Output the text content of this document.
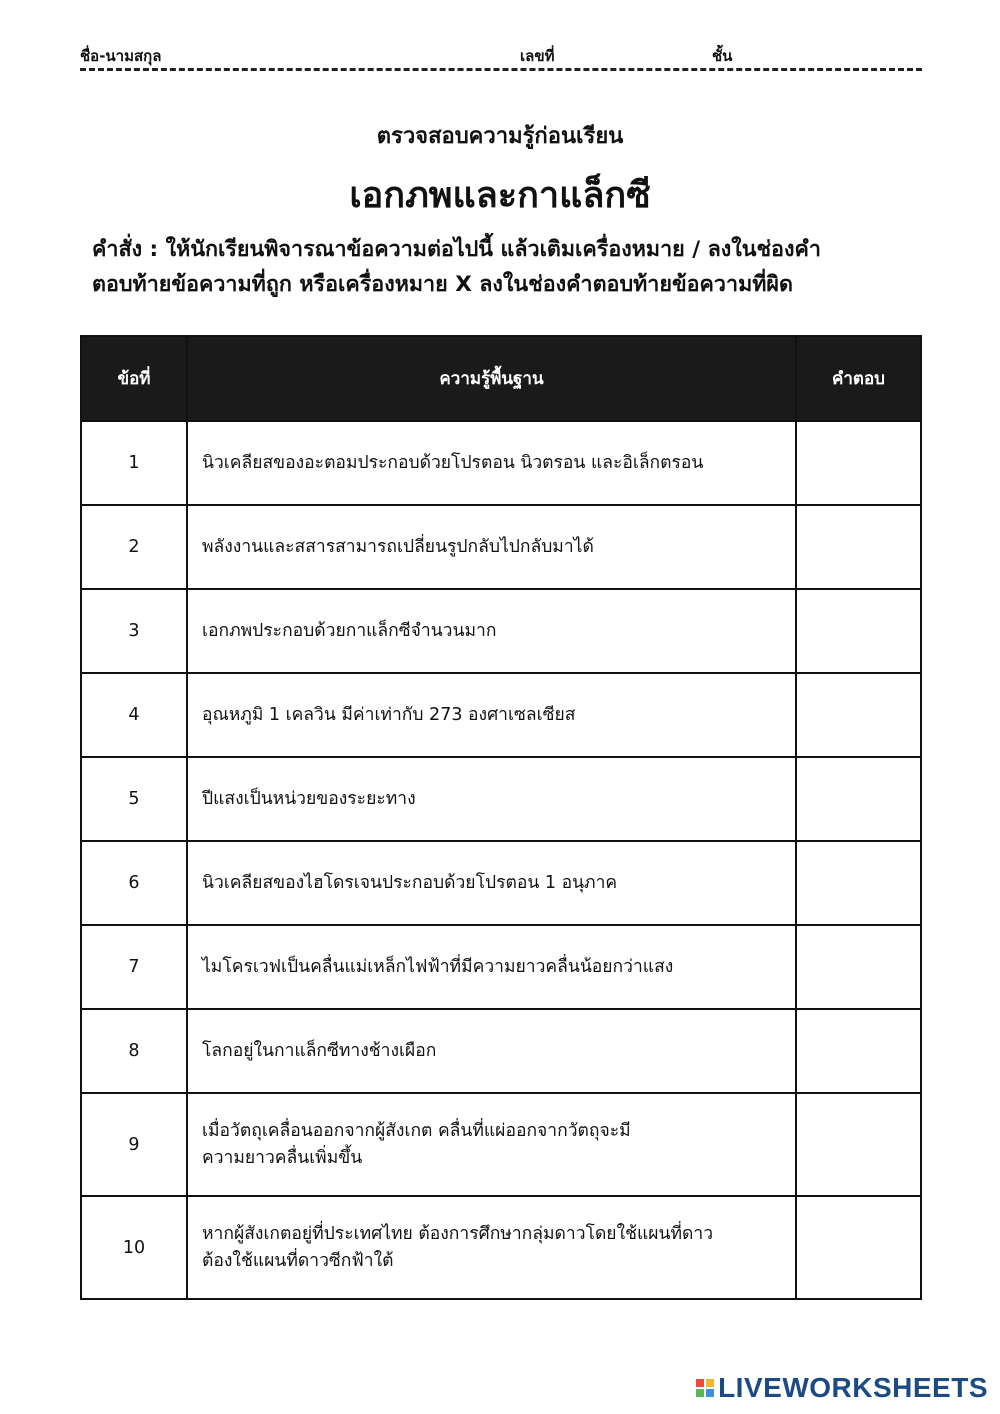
ชื่อ-นามสกุล	เลขที่	ชั้น
ตรวจสอบความรู้ก่อนเรียน
เอกภพและกาแล็กซี
คำสั่ง : ให้นักเรียนพิจารณาข้อความต่อไปนี้ แล้วเติมเครื่องหมาย / ลงในช่องคำ
ตอบท้ายข้อความที่ถูก หรือเครื่องหมาย X ลงในช่องคำตอบท้ายข้อความที่ผิด
ข้อที่	ความรู้พื้นฐาน	คำตอบ
1	นิวเคลียสของอะตอมประกอบด้วยโปรตอน นิวตรอน และอิเล็กตรอน	
2	พลังงานและสสารสามารถเปลี่ยนรูปกลับไปกลับมาได้	
3	เอกภพประกอบด้วยกาแล็กซีจำนวนมาก	
4	อุณหภูมิ 1 เคลวิน มีค่าเท่ากับ 273 องศาเซลเซียส	
5	ปีแสงเป็นหน่วยของระยะทาง	
6	นิวเคลียสของไฮโดรเจนประกอบด้วยโปรตอน 1 อนุภาค	
7	ไมโครเวฟเป็นคลื่นแม่เหล็กไฟฟ้าที่มีความยาวคลื่นน้อยกว่าแสง	
8	โลกอยู่ในกาแล็กซีทางช้างเผือก	
9	เมื่อวัตถุเคลื่อนออกจากผู้สังเกต คลื่นที่แผ่ออกจากวัตถุจะมี
ความยาวคลื่นเพิ่มขึ้น	

10	หากผู้สังเกตอยู่ที่ประเทศไทย ต้องการศึกษากลุ่มดาวโดยใช้แผนที่ดาว
ต้องใช้แผนที่ดาวซีกฟ้าใต้	

LIVEWORKSHEETS
